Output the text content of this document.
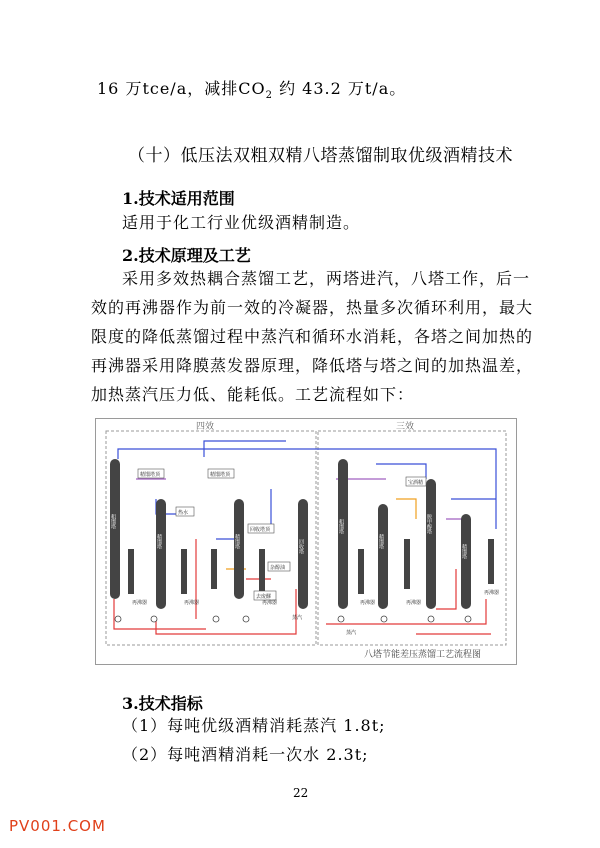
16 万tce/a，减排$CO_2$ 约 43.2 万t/a。
（十）低压法双粗双精八塔蒸馏制取优级酒精技术
1.技术适用范围
适用于化工行业优级酒精制造。
2.技术原理及工艺
采用多效热耦合蒸馏工艺，两塔进汽，八塔工作，后一
效的再沸器作为前一效的冷凝器，热量多次循环利用，最大
限度的降低蒸馏过程中蒸汽和循环水消耗，各塔之间加热的
再沸器采用降膜蒸发器原理，降低塔与塔之间的加热温差，
加热蒸汽压力低、能耗低。工艺流程如下：
精馏塔顶	精馏塔顶
热水
回收塔顶
杂醇油
去废醪
宝酒精
再沸器	再沸器	再沸器
蒸汽
再沸器	再沸器
再沸器
蒸汽
粗馏塔
精馏塔	精馏塔	回收塔
粗馏塔
精馏塔
脱甲醇塔
精馏塔
四效	三效
八塔节能差压蒸馏工艺流程图
3.技术指标
（1）每吨优级酒精消耗蒸汽 1.8t;
（2）每吨酒精消耗一次水 2.3t;
22
PV001.COM
